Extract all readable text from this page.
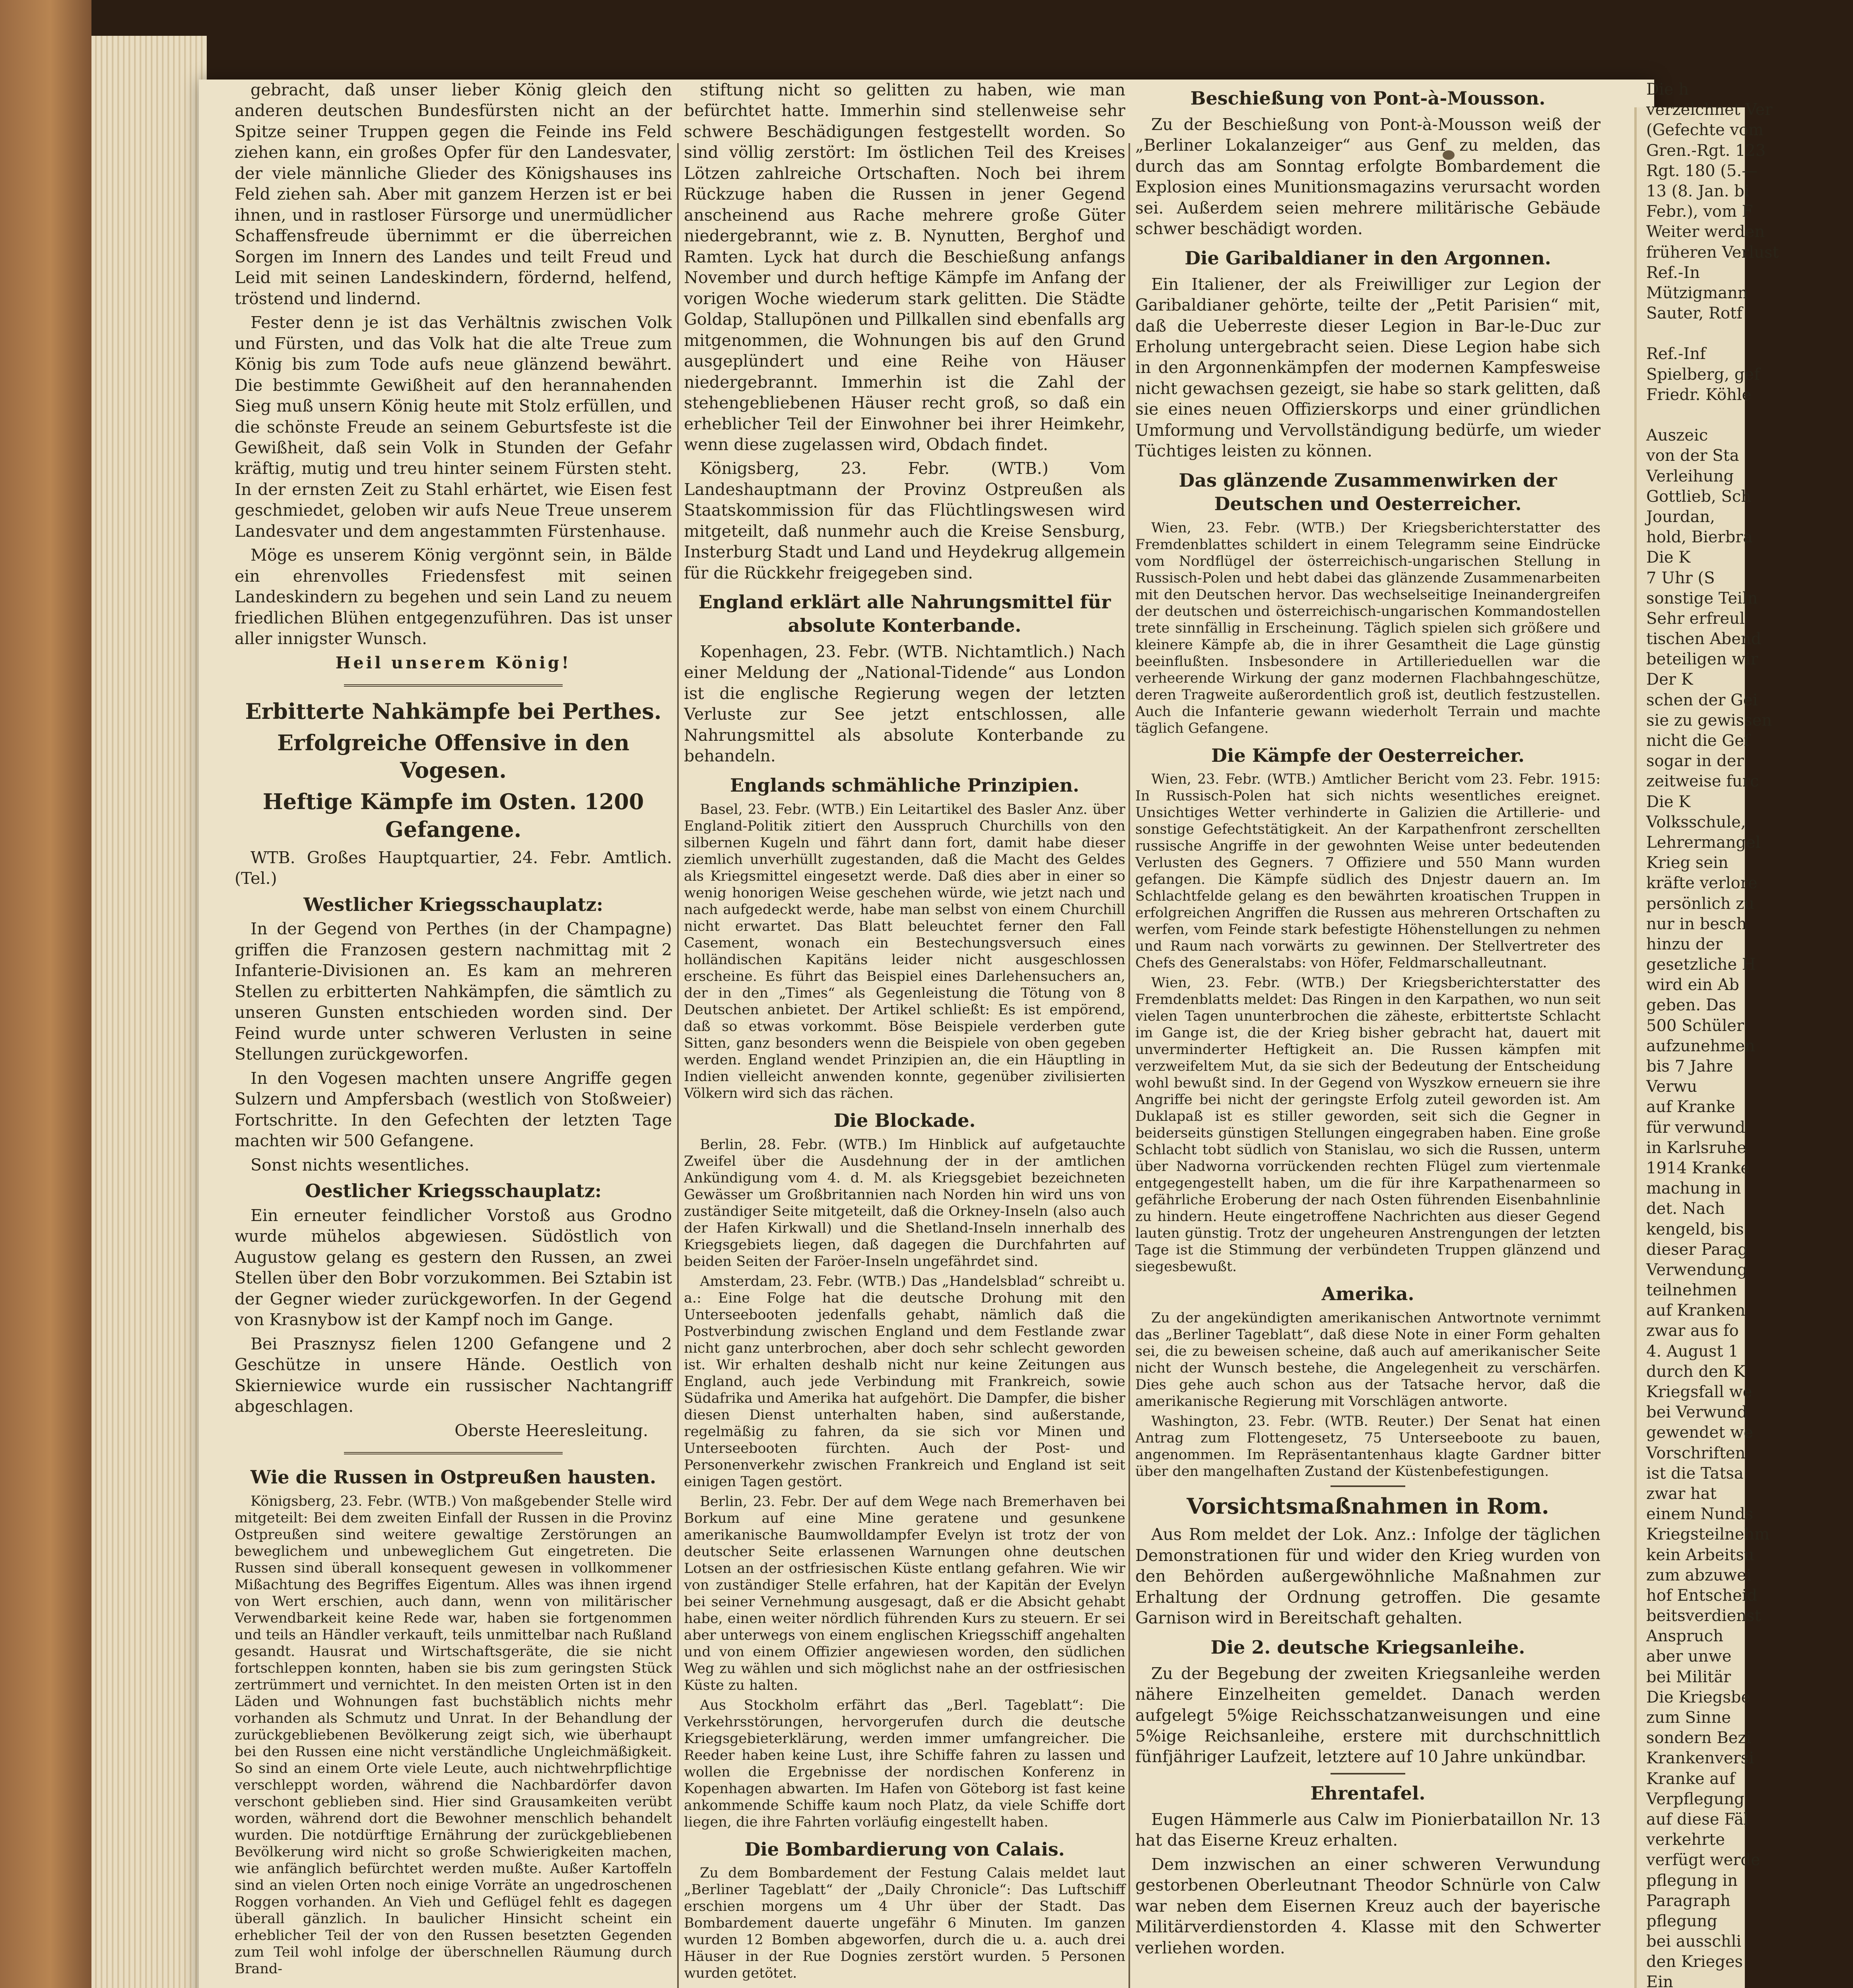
gebracht, daß unser lieber König gleich den anderen deutschen Bundesfürsten nicht an der Spitze seiner Truppen gegen die Feinde ins Feld ziehen kann, ein großes Opfer für den Landesvater, der viele männliche Glieder des Königshauses ins Feld ziehen sah. Aber mit ganzem Herzen ist er bei ihnen, und in rastloser Fürsorge und unermüdlicher Schaffensfreude übernimmt er die überreichen Sorgen im Innern des Landes und teilt Freud und Leid mit seinen Landeskindern, fördernd, helfend, tröstend und lindernd.

Fester denn je ist das Verhältnis zwischen Volk und Fürsten, und das Volk hat die alte Treue zum König bis zum Tode aufs neue glänzend bewährt. Die bestimmte Gewißheit auf den herannahenden Sieg muß unsern König heute mit Stolz erfüllen, und die schönste Freude an seinem Geburtsfeste ist die Gewißheit, daß sein Volk in Stunden der Gefahr kräftig, mutig und treu hinter seinem Fürsten steht. In der ernsten Zeit zu Stahl erhärtet, wie Eisen fest geschmiedet, geloben wir aufs Neue Treue unserem Landesvater und dem angestammten Fürstenhause.

Möge es unserem König vergönnt sein, in Bälde ein ehrenvolles Friedensfest mit seinen Landeskindern zu begehen und sein Land zu neuem friedlichen Blühen entgegenzuführen. Das ist unser aller innigster Wunsch.

Heil unserem König!

Erbitterte Nahkämpfe bei Perthes.

Erfolgreiche Offensive in den Vogesen.

Heftige Kämpfe im Osten. 1200 Gefangene.

WTB. Großes Hauptquartier, 24. Febr. Amtlich. (Tel.)

Westlicher Kriegsschauplatz:

In der Gegend von Perthes (in der Champagne) griffen die Franzosen gestern nachmittag mit 2 Infanterie-Divisionen an. Es kam an mehreren Stellen zu erbitterten Nahkämpfen, die sämtlich zu unseren Gunsten entschieden worden sind. Der Feind wurde unter schweren Verlusten in seine Stellungen zurückgeworfen.

In den Vogesen machten unsere Angriffe gegen Sulzern und Ampfersbach (westlich von Stoßweier) Fortschritte. In den Gefechten der letzten Tage machten wir 500 Gefangene.

Sonst nichts wesentliches.

Oestlicher Kriegsschauplatz:

Ein erneuter feindlicher Vorstoß aus Grodno wurde mühelos abgewiesen. Südöstlich von Augustow gelang es gestern den Russen, an zwei Stellen über den Bobr vorzukommen. Bei Sztabin ist der Gegner wieder zurückgeworfen. In der Gegend von Krasnybow ist der Kampf noch im Gange.

Bei Prasznysz fielen 1200 Gefangene und 2 Geschütze in unsere Hände. Oestlich von Skierniewice wurde ein russischer Nachtangriff abgeschlagen.

Oberste Heeresleitung.

Wie die Russen in Ostpreußen hausten.

Königsberg, 23. Febr. (WTB.) Von maßgebender Stelle wird mitgeteilt: Bei dem zweiten Einfall der Russen in die Provinz Ostpreußen sind weitere gewaltige Zerstörungen an beweglichem und unbeweglichem Gut eingetreten. Die Russen sind überall konsequent gewesen in vollkommener Mißachtung des Begriffes Eigentum. Alles was ihnen irgend von Wert erschien, auch dann, wenn von militärischer Verwendbarkeit keine Rede war, haben sie fortgenommen und teils an Händler verkauft, teils unmittelbar nach Rußland gesandt. Hausrat und Wirtschaftsgeräte, die sie nicht fortschleppen konnten, haben sie bis zum geringsten Stück zertrümmert und vernichtet. In den meisten Orten ist in den Läden und Wohnungen fast buchstäblich nichts mehr vorhanden als Schmutz und Unrat. In der Behandlung der zurückgebliebenen Bevölkerung zeigt sich, wie überhaupt bei den Russen eine nicht verständliche Ungleichmäßigkeit. So sind an einem Orte viele Leute, auch nichtwehrpflichtige verschleppt worden, während die Nachbardörfer davon verschont geblieben sind. Hier sind Grausamkeiten verübt worden, während dort die Bewohner menschlich behandelt wurden. Die notdürftige Ernährung der zurückgebliebenen Bevölkerung wird nicht so große Schwierigkeiten machen, wie anfänglich befürchtet werden mußte. Außer Kartoffeln sind an vielen Orten noch einige Vorräte an ungedroschenen Roggen vorhanden. An Vieh und Geflügel fehlt es dagegen überall gänzlich. In baulicher Hinsicht scheint ein erheblicher Teil der von den Russen besetzten Gegenden zum Teil wohl infolge der überschnellen Räumung durch Brand-

stiftung nicht so gelitten zu haben, wie man befürchtet hatte. Immerhin sind stellenweise sehr schwere Beschädigungen festgestellt worden. So sind völlig zerstört: Im östlichen Teil des Kreises Lötzen zahlreiche Ortschaften. Noch bei ihrem Rückzuge haben die Russen in jener Gegend anscheinend aus Rache mehrere große Güter niedergebrannt, wie z. B. Nynutten, Berghof und Ramten. Lyck hat durch die Beschießung anfangs November und durch heftige Kämpfe im Anfang der vorigen Woche wiederum stark gelitten. Die Städte Goldap, Stallupönen und Pillkallen sind ebenfalls arg mitgenommen, die Wohnungen bis auf den Grund ausgeplündert und eine Reihe von Häuser niedergebrannt. Immerhin ist die Zahl der stehengebliebenen Häuser recht groß, so daß ein erheblicher Teil der Einwohner bei ihrer Heimkehr, wenn diese zugelassen wird, Obdach findet.

Königsberg, 23. Febr. (WTB.) Vom Landeshauptmann der Provinz Ostpreußen als Staatskommission für das Flüchtlingswesen wird mitgeteilt, daß nunmehr auch die Kreise Sensburg, Insterburg Stadt und Land und Heydekrug allgemein für die Rückkehr freigegeben sind.

England erklärt alle Nahrungsmittel für absolute Konterbande.

Kopenhagen, 23. Febr. (WTB. Nichtamtlich.) Nach einer Meldung der „National-Tidende“ aus London ist die englische Regierung wegen der letzten Verluste zur See jetzt entschlossen, alle Nahrungsmittel als absolute Konterbande zu behandeln.

Englands schmähliche Prinzipien.

Basel, 23. Febr. (WTB.) Ein Leitartikel des Basler Anz. über England-Politik zitiert den Ausspruch Churchills von den silbernen Kugeln und fährt dann fort, damit habe dieser ziemlich unverhüllt zugestanden, daß die Macht des Geldes als Kriegsmittel eingesetzt werde. Daß dies aber in einer so wenig honorigen Weise geschehen würde, wie jetzt nach und nach aufgedeckt werde, habe man selbst von einem Churchill nicht erwartet. Das Blatt beleuchtet ferner den Fall Casement, wonach ein Bestechungsversuch eines holländischen Kapitäns leider nicht ausgeschlossen erscheine. Es führt das Beispiel eines Darlehensuchers an, der in den „Times“ als Gegenleistung die Tötung von 8 Deutschen anbietet. Der Artikel schließt: Es ist empörend, daß so etwas vorkommt. Böse Beispiele verderben gute Sitten, ganz besonders wenn die Beispiele von oben gegeben werden. England wendet Prinzipien an, die ein Häuptling in Indien vielleicht anwenden konnte, gegenüber zivilisierten Völkern wird sich das rächen.

Die Blockade.

Berlin, 28. Febr. (WTB.) Im Hinblick auf aufgetauchte Zweifel über die Ausdehnung der in der amtlichen Ankündigung vom 4. d. M. als Kriegsgebiet bezeichneten Gewässer um Großbritannien nach Norden hin wird uns von zuständiger Seite mitgeteilt, daß die Orkney-Inseln (also auch der Hafen Kirkwall) und die Shetland-Inseln innerhalb des Kriegsgebiets liegen, daß dagegen die Durchfahrten auf beiden Seiten der Faröer-Inseln ungefährdet sind.

Amsterdam, 23. Febr. (WTB.) Das „Handelsblad“ schreibt u. a.: Eine Folge hat die deutsche Drohung mit den Unterseebooten jedenfalls gehabt, nämlich daß die Postverbindung zwischen England und dem Festlande zwar nicht ganz unterbrochen, aber doch sehr schlecht geworden ist. Wir erhalten deshalb nicht nur keine Zeitungen aus England, auch jede Verbindung mit Frankreich, sowie Südafrika und Amerika hat aufgehört. Die Dampfer, die bisher diesen Dienst unterhalten haben, sind außerstande, regelmäßig zu fahren, da sie sich vor Minen und Unterseebooten fürchten. Auch der Post- und Personenverkehr zwischen Frankreich und England ist seit einigen Tagen gestört.

Berlin, 23. Febr. Der auf dem Wege nach Bremerhaven bei Borkum auf eine Mine geratene und gesunkene amerikanische Baumwolldampfer Evelyn ist trotz der von deutscher Seite erlassenen Warnungen ohne deutschen Lotsen an der ostfriesischen Küste entlang gefahren. Wie wir von zuständiger Stelle erfahren, hat der Kapitän der Evelyn bei seiner Vernehmung ausgesagt, daß er die Absicht gehabt habe, einen weiter nördlich führenden Kurs zu steuern. Er sei aber unterwegs von einem englischen Kriegsschiff angehalten und von einem Offizier angewiesen worden, den südlichen Weg zu wählen und sich möglichst nahe an der ostfriesischen Küste zu halten.

Aus Stockholm erfährt das „Berl. Tageblatt“: Die Verkehrsstörungen, hervorgerufen durch die deutsche Kriegsgebieterklärung, werden immer umfangreicher. Die Reeder haben keine Lust, ihre Schiffe fahren zu lassen und wollen die Ergebnisse der nordischen Konferenz in Kopenhagen abwarten. Im Hafen von Göteborg ist fast keine ankommende Schiffe kaum noch Platz, da viele Schiffe dort liegen, die ihre Fahrten vorläufig eingestellt haben.

Die Bombardierung von Calais.

Zu dem Bombardement der Festung Calais meldet laut „Berliner Tageblatt“ der „Daily Chronicle“: Das Luftschiff erschien morgens um 4 Uhr über der Stadt. Das Bombardement dauerte ungefähr 6 Minuten. Im ganzen wurden 12 Bomben abgeworfen, durch die u. a. auch drei Häuser in der Rue Dognies zerstört wurden. 5 Personen wurden getötet.

Beschießung von Pont-à-Mousson.

Zu der Beschießung von Pont-à-Mousson weiß der „Berliner Lokalanzeiger“ aus Genf zu melden, das durch das am Sonntag erfolgte Bombardement die Explosion eines Munitionsmagazins verursacht worden sei. Außerdem seien mehrere militärische Gebäude schwer beschädigt worden.

Die Garibaldianer in den Argonnen.

Ein Italiener, der als Freiwilliger zur Legion der Garibaldianer gehörte, teilte der „Petit Parisien“ mit, daß die Ueberreste dieser Legion in Bar-le-Duc zur Erholung untergebracht seien. Diese Legion habe sich in den Argonnenkämpfen der modernen Kampfesweise nicht gewachsen gezeigt, sie habe so stark gelitten, daß sie eines neuen Offizierskorps und einer gründlichen Umformung und Vervollständigung bedürfe, um wieder Tüchtiges leisten zu können.

Das glänzende Zusammenwirken der Deutschen und Oesterreicher.

Wien, 23. Febr. (WTB.) Der Kriegsberichterstatter des Fremdenblattes schildert in einem Telegramm seine Eindrücke vom Nordflügel der österreichisch-ungarischen Stellung in Russisch-Polen und hebt dabei das glänzende Zusammenarbeiten mit den Deutschen hervor. Das wechselseitige Ineinandergreifen der deutschen und österreichisch-ungarischen Kommandostellen trete sinnfällig in Erscheinung. Täglich spielen sich größere und kleinere Kämpfe ab, die in ihrer Gesamtheit die Lage günstig beeinflußten. Insbesondere in Artillerieduellen war die verheerende Wirkung der ganz modernen Flachbahngeschütze, deren Tragweite außerordentlich groß ist, deutlich festzustellen. Auch die Infanterie gewann wiederholt Terrain und machte täglich Gefangene.

Die Kämpfe der Oesterreicher.

Wien, 23. Febr. (WTB.) Amtlicher Bericht vom 23. Febr. 1915: In Russisch-Polen hat sich nichts wesentliches ereignet. Unsichtiges Wetter verhinderte in Galizien die Artillerie- und sonstige Gefechtstätigkeit. An der Karpathenfront zerschellten russische Angriffe in der gewohnten Weise unter bedeutenden Verlusten des Gegners. 7 Offiziere und 550 Mann wurden gefangen. Die Kämpfe südlich des Dnjestr dauern an. Im Schlachtfelde gelang es den bewährten kroatischen Truppen in erfolgreichen Angriffen die Russen aus mehreren Ortschaften zu werfen, vom Feinde stark befestigte Höhenstellungen zu nehmen und Raum nach vorwärts zu gewinnen. Der Stellvertreter des Chefs des Generalstabs: von Höfer, Feldmarschalleutnant.

Wien, 23. Febr. (WTB.) Der Kriegsberichterstatter des Fremdenblatts meldet: Das Ringen in den Karpathen, wo nun seit vielen Tagen ununterbrochen die zäheste, erbittertste Schlacht im Gange ist, die der Krieg bisher gebracht hat, dauert mit unverminderter Heftigkeit an. Die Russen kämpfen mit verzweifeltem Mut, da sie sich der Bedeutung der Entscheidung wohl bewußt sind. In der Gegend von Wyszkow erneuern sie ihre Angriffe bei nicht der geringste Erfolg zuteil geworden ist. Am Duklapaß ist es stiller geworden, seit sich die Gegner in beiderseits günstigen Stellungen eingegraben haben. Eine große Schlacht tobt südlich von Stanislau, wo sich die Russen, unterm über Nadworna vorrückenden rechten Flügel zum viertenmale entgegengestellt haben, um die für ihre Karpathenarmeen so gefährliche Eroberung der nach Osten führenden Eisenbahnlinie zu hindern. Heute eingetroffene Nachrichten aus dieser Gegend lauten günstig. Trotz der ungeheuren Anstrengungen der letzten Tage ist die Stimmung der verbündeten Truppen glänzend und siegesbewußt.

Amerika.

Zu der angekündigten amerikanischen Antwortnote vernimmt das „Berliner Tageblatt“, daß diese Note in einer Form gehalten sei, die zu beweisen scheine, daß auch auf amerikanischer Seite nicht der Wunsch bestehe, die Angelegenheit zu verschärfen. Dies gehe auch schon aus der Tatsache hervor, daß die amerikanische Regierung mit Vorschlägen antworte.

Washington, 23. Febr. (WTB. Reuter.) Der Senat hat einen Antrag zum Flottengesetz, 75 Unterseeboote zu bauen, angenommen. Im Repräsentantenhaus klagte Gardner bitter über den mangelhaften Zustand der Küstenbefestigungen.

Vorsichtsmaßnahmen in Rom.

Aus Rom meldet der Lok. Anz.: Infolge der täglichen Demonstrationen für und wider den Krieg wurden von den Behörden außergewöhnliche Maßnahmen zur Erhaltung der Ordnung getroffen. Die gesamte Garnison wird in Bereitschaft gehalten.

Die 2. deutsche Kriegsanleihe.

Zu der Begebung der zweiten Kriegsanleihe werden nähere Einzelheiten gemeldet. Danach werden aufgelegt 5%ige Reichsschatzanweisungen und eine 5%ige Reichsanleihe, erstere mit durchschnittlich fünfjähriger Laufzeit, letztere auf 10 Jahre unkündbar.

Ehrentafel.

Eugen Hämmerle aus Calw im Pionierbataillon Nr. 13 hat das Eiserne Kreuz erhalten.

Dem inzwischen an einer schweren Verwundung gestorbenen Oberleutnant Theodor Schnürle von Calw war neben dem Eisernen Kreuz auch der bayerische Militärverdienstorden 4. Klasse mit den Schwerter verliehen worden.

Die h

verzeichnet Ver

(Gefechte vom

Gren.-Rgt. 123

Rgt. 180 (5.—

13 (8. Jan. bi

Febr.), vom F

Weiter werden

früheren Verlust

Ref.-In

Mützigmann

Sauter, Rotf

Ref.-Inf

Spielberg, gef

Friedr. Köhle

Auszeic

von der Sta

Verleihung

Gottlieb, Sch

Jourdan,

hold, Bierbra

Die K

7 Uhr (S

sonstige Teiln

Sehr erfreul

tischen Abend

beteiligen wir

Der K

schen der Gei

sie zu gewissen

nicht die Gef

sogar in der

zeitweise furc

Die K

Volksschule,

Lehrermangel

Krieg sein

kräfte verlore

persönlich zu

nur in besch

hinzu der

gesetzliche H

wird ein Ab

geben. Das

500 Schüler

aufzunehmen

bis 7 Jahre

Verwu

auf Kranke

für verwund

in Karlsruhe

1914 Kranke

machung in

det. Nach

kengeld, bis

dieser Parag

Verwendung

teilnehmen

auf Kranken

zwar aus fo

4. August 1

durch den K

Kriegsfall we

bei Verwund

gewendet we

Vorschriften

ist die Tatsa

zwar hat

einem Nunds

Kriegsteilnehm

kein Arbeitsu

zum abzuwei

hof Entscheid

beitsverdienst

Anspruch

aber unwe

bei Militär

Die Kriegsbe

zum Sinne

sondern Bezi

Krankenversi

Kranke auf

Verpflegung

auf diese Fäl

verkehrte

verfügt werde

pflegung in

Paragraph

pflegung

bei ausschli

den Krieges

Ein
